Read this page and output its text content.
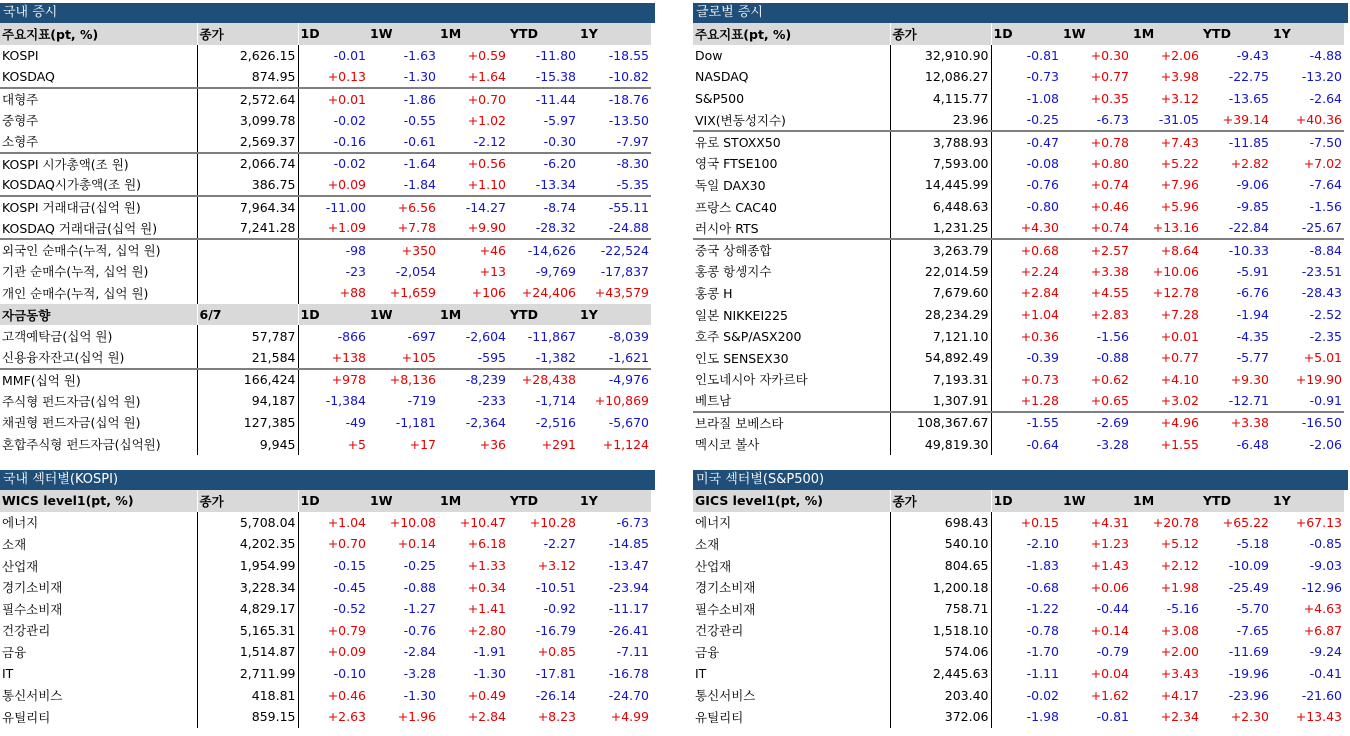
국내 증시
주요지표(pt, %)	종가	1D	1W	1M	YTD	1Y
KOSPI	2,626.15	-0.01	-1.63	+0.59	-11.80	-18.55
KOSDAQ	874.95	+0.13	-1.30	+1.64	-15.38	-10.82
대형주	2,572.64	+0.01	-1.86	+0.70	-11.44	-18.76
중형주	3,099.78	-0.02	-0.55	+1.02	-5.97	-13.50
소형주	2,569.37	-0.16	-0.61	-2.12	-0.30	-7.97
KOSPI 시가총액(조 원)	2,066.74	-0.02	-1.64	+0.56	-6.20	-8.30
KOSDAQ시가총액(조 원)	386.75	+0.09	-1.84	+1.10	-13.34	-5.35
KOSPI 거래대금(십억 원)	7,964.34	-11.00	+6.56	-14.27	-8.74	-55.11
KOSDAQ 거래대금(십억 원)	7,241.28	+1.09	+7.78	+9.90	-28.32	-24.88
외국인 순매수(누적, 십억 원)		-98	+350	+46	-14,626	-22,524
기관 순매수(누적, 십억 원)		-23	-2,054	+13	-9,769	-17,837
개인 순매수(누적, 십억 원)		+88	+1,659	+106	+24,406	+43,579
자금동향	6/7	1D	1W	1M	YTD	1Y
고객예탁금(십억 원)	57,787	-866	-697	-2,604	-11,867	-8,039
신용융자잔고(십억 원)	21,584	+138	+105	-595	-1,382	-1,621
MMF(십억 원)	166,424	+978	+8,136	-8,239	+28,438	-4,976
주식형 펀드자금(십억 원)	94,187	-1,384	-719	-233	-1,714	+10,869
채권형 펀드자금(십억 원)	127,385	-49	-1,181	-2,364	-2,516	-5,670
혼합주식형 펀드자금(십억원)	9,945	+5	+17	+36	+291	+1,124
글로벌 증시
주요지표(pt, %)	종가	1D	1W	1M	YTD	1Y
Dow	32,910.90	-0.81	+0.30	+2.06	-9.43	-4.88
NASDAQ	12,086.27	-0.73	+0.77	+3.98	-22.75	-13.20
S&P500	4,115.77	-1.08	+0.35	+3.12	-13.65	-2.64
VIX(변동성지수)	23.96	-0.25	-6.73	-31.05	+39.14	+40.36
유로 STOXX50	3,788.93	-0.47	+0.78	+7.43	-11.85	-7.50
영국 FTSE100	7,593.00	-0.08	+0.80	+5.22	+2.82	+7.02
독일 DAX30	14,445.99	-0.76	+0.74	+7.96	-9.06	-7.64
프랑스 CAC40	6,448.63	-0.80	+0.46	+5.96	-9.85	-1.56
러시아 RTS	1,231.25	+4.30	+0.74	+13.16	-22.84	-25.67
중국 상해종합	3,263.79	+0.68	+2.57	+8.64	-10.33	-8.84
홍콩 항셍지수	22,014.59	+2.24	+3.38	+10.06	-5.91	-23.51
홍콩 H	7,679.60	+2.84	+4.55	+12.78	-6.76	-28.43
일본 NIKKEI225	28,234.29	+1.04	+2.83	+7.28	-1.94	-2.52
호주 S&P/ASX200	7,121.10	+0.36	-1.56	+0.01	-4.35	-2.35
인도 SENSEX30	54,892.49	-0.39	-0.88	+0.77	-5.77	+5.01
인도네시아 자카르타	7,193.31	+0.73	+0.62	+4.10	+9.30	+19.90
베트남	1,307.91	+1.28	+0.65	+3.02	-12.71	-0.91
브라질 보베스타	108,367.67	-1.55	-2.69	+4.96	+3.38	-16.50
멕시코 볼사	49,819.30	-0.64	-3.28	+1.55	-6.48	-2.06
국내 섹터별(KOSPI)
WICS level1(pt, %)	종가	1D	1W	1M	YTD	1Y
에너지	5,708.04	+1.04	+10.08	+10.47	+10.28	-6.73
소재	4,202.35	+0.70	+0.14	+6.18	-2.27	-14.85
산업재	1,954.99	-0.15	-0.25	+1.33	+3.12	-13.47
경기소비재	3,228.34	-0.45	-0.88	+0.34	-10.51	-23.94
필수소비재	4,829.17	-0.52	-1.27	+1.41	-0.92	-11.17
건강관리	5,165.31	+0.79	-0.76	+2.80	-16.79	-26.41
금융	1,514.87	+0.09	-2.84	-1.91	+0.85	-7.11
IT	2,711.99	-0.10	-3.28	-1.30	-17.81	-16.78
통신서비스	418.81	+0.46	-1.30	+0.49	-26.14	-24.70
유틸리티	859.15	+2.63	+1.96	+2.84	+8.23	+4.99
미국 섹터별(S&P500)
GICS level1(pt, %)	종가	1D	1W	1M	YTD	1Y
에너지	698.43	+0.15	+4.31	+20.78	+65.22	+67.13
소재	540.10	-2.10	+1.23	+5.12	-5.18	-0.85
산업재	804.65	-1.83	+1.43	+2.12	-10.09	-9.03
경기소비재	1,200.18	-0.68	+0.06	+1.98	-25.49	-12.96
필수소비재	758.71	-1.22	-0.44	-5.16	-5.70	+4.63
건강관리	1,518.10	-0.78	+0.14	+3.08	-7.65	+6.87
금융	574.06	-1.70	-0.79	+2.00	-11.69	-9.24
IT	2,445.63	-1.11	+0.04	+3.43	-19.96	-0.41
통신서비스	203.40	-0.02	+1.62	+4.17	-23.96	-21.60
유틸리티	372.06	-1.98	-0.81	+2.34	+2.30	+13.43
